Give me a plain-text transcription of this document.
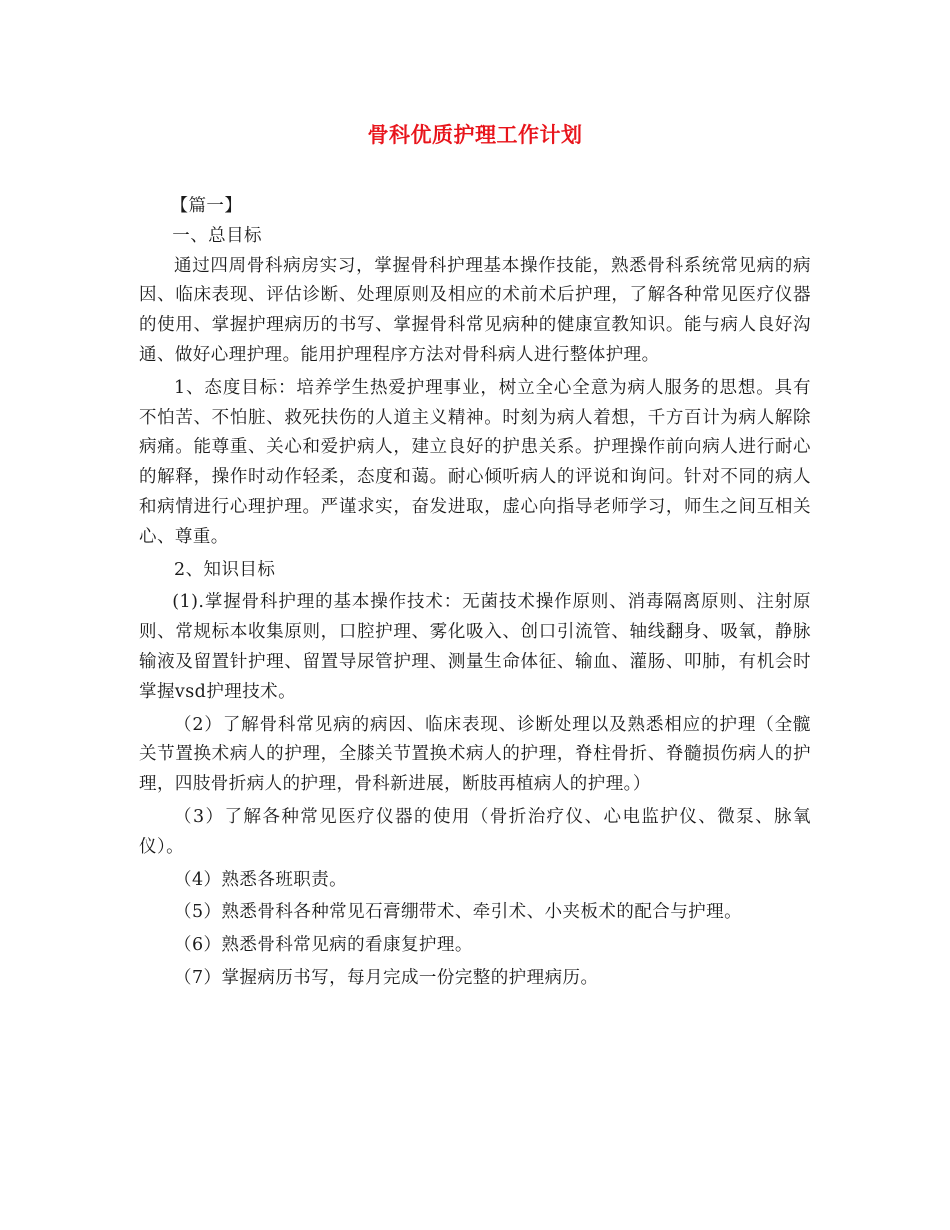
骨科优质护理工作计划

【篇一】

一、总目标

通过四周骨科病房实习，掌握骨科护理基本操作技能，熟悉骨科系统常见病的病因、临床表现、评估诊断、处理原则及相应的术前术后护理，了解各种常见医疗仪器的使用、掌握护理病历的书写、掌握骨科常见病种的健康宣教知识。能与病人良好沟通、做好心理护理。能用护理程序方法对骨科病人进行整体护理。

1、态度目标：培养学生热爱护理事业，树立全心全意为病人服务的思想。具有不怕苦、不怕脏、救死扶伤的人道主义精神。时刻为病人着想，千方百计为病人解除病痛。能尊重、关心和爱护病人，建立良好的护患关系。护理操作前向病人进行耐心的解释，操作时动作轻柔，态度和蔼。耐心倾听病人的评说和询问。针对不同的病人和病情进行心理护理。严谨求实，奋发进取，虚心向指导老师学习，师生之间互相关心、尊重。

2、知识目标

(1).掌握骨科护理的基本操作技术：无菌技术操作原则、消毒隔离原则、注射原则、常规标本收集原则，口腔护理、雾化吸入、创口引流管、轴线翻身、吸氧，静脉输液及留置针护理、留置导尿管护理、测量生命体征、输血、灌肠、叩肺，有机会时掌握vsd护理技术。

（2）了解骨科常见病的病因、临床表现、诊断处理以及熟悉相应的护理（全髋关节置换术病人的护理，全膝关节置换术病人的护理，脊柱骨折、脊髓损伤病人的护理，四肢骨折病人的护理，骨科新进展，断肢再植病人的护理。）

（3）了解各种常见医疗仪器的使用（骨折治疗仪、心电监护仪、微泵、脉氧仪）。

（4）熟悉各班职责。

（5）熟悉骨科各种常见石膏绷带术、牵引术、小夹板术的配合与护理。

（6）熟悉骨科常见病的看康复护理。

（7）掌握病历书写，每月完成一份完整的护理病历。
